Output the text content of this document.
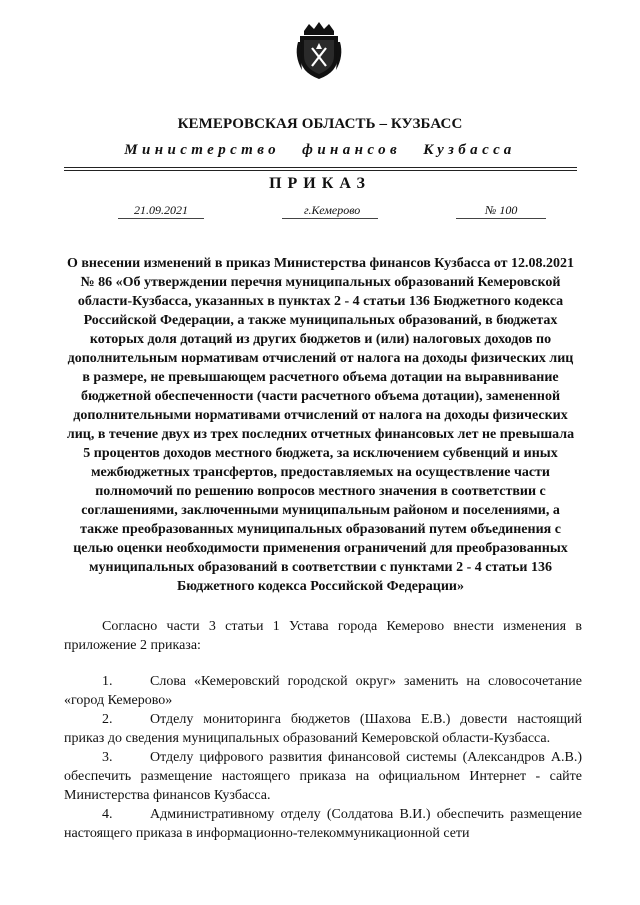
КЕМЕРОВСКАЯ ОБЛАСТЬ – КУЗБАСС
Министерство финансов Кузбасса
ПРИКАЗ
21.09.2021	г.Кемерово	№ 100
О внесении изменений в приказ Министерства финансов Кузбасса от 12.08.2021 № 86 «Об утверждении перечня муниципальных образований Кемеровской области-Кузбасса, указанных в пунктах 2 - 4 статьи 136 Бюджетного кодекса Российской Федерации, а также муниципальных образований, в бюджетах которых доля дотаций из других бюджетов и (или) налоговых доходов по дополнительным нормативам отчислений от налога на доходы физических лиц в размере, не превышающем расчетного объема дотации на выравнивание бюджетной обеспеченности (части расчетного объема дотации), замененной дополнительными нормативами отчислений от налога на доходы физических лиц, в течение двух из трех последних отчетных финансовых лет не превышала 5 процентов доходов местного бюджета, за исключением субвенций и иных межбюджетных трансфертов, предоставляемых на осуществление части полномочий по решению вопросов местного значения в соответствии с соглашениями, заключенными муниципальным районом и поселениями, а также преобразованных муниципальных образований путем объединения с целью оценки необходимости применения ограничений для преобразованных муниципальных образований в соответствии с пунктами 2 - 4 статьи 136 Бюджетного кодекса Российской Федерации»

Согласно части 3 статьи 1 Устава города Кемерово внести изменения в приложение 2 приказа:

1.	Слова «Кемеровский городской округ» заменить на словосочетание «город Кемерово»

2.	Отделу мониторинга бюджетов (Шахова Е.В.) довести настоящий приказ до сведения муниципальных образований Кемеровской области-Кузбасса.

3.	Отделу цифрового развития финансовой системы (Александров А.В.) обеспечить размещение настоящего приказа на официальном Интернет - сайте Министерства финансов Кузбасса.

4.	Административному отделу (Солдатова В.И.) обеспечить размещение настоящего приказа в информационно-телекоммуникационной сети
